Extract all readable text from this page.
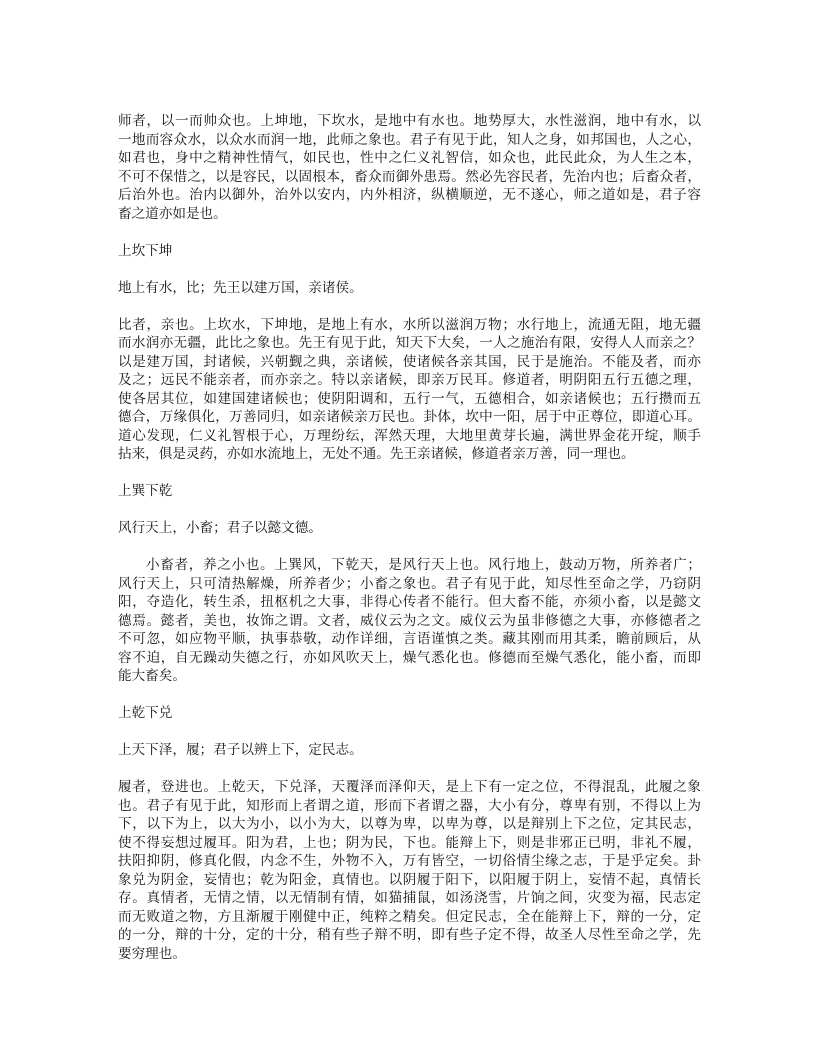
师者，以一而帅众也。上坤地，下坎水，是地中有水也。地势厚大，水性滋润，地中有水，以
一地而容众水，以众水而润一地，此师之象也。君子有见于此，知人之身，如邦国也，人之心，
如君也，身中之精神性情气，如民也，性中之仁义礼智信，如众也，此民此众，为人生之本，
不可不保惜之，以是容民，以固根本，畜众而御外患焉。然必先容民者，先治内也；后畜众者，
后治外也。治内以御外，治外以安内，内外相济，纵横顺逆，无不遂心，师之道如是，君子容
畜之道亦如是也。
上坎下坤
地上有水，比；先王以建万国，亲诸侯。
比者，亲也。上坎水，下坤地，是地上有水，水所以滋润万物；水行地上，流通无阻，地无疆
而水润亦无疆，此比之象也。先王有见于此，知天下大矣，一人之施治有限，安得人人而亲之？
以是建万国，封诸候，兴朝觐之典，亲诸候，使诸候各亲其国，民于是施治。不能及者，而亦
及之；远民不能亲者，而亦亲之。特以亲诸候，即亲万民耳。修道者，明阴阳五行五德之理，
使各居其位，如建国建诸候也；使阴阳调和，五行一气，五德相合，如亲诸候也；五行攒而五
德合，万缘俱化，万善同归，如亲诸候亲万民也。卦体，坎中一阳，居于中正尊位，即道心耳。
道心发现，仁义礼智根于心，万理纷纭，浑然天理，大地里黄芽长遍，满世界金花开绽，顺手
拈来，俱是灵药，亦如水流地上，无处不通。先王亲诸候，修道者亲万善，同一理也。
上巽下乾
风行天上，小畜；君子以懿文德。
小畜者，养之小也。上巽风，下乾天，是风行天上也。风行地上，鼓动万物，所养者广；
风行天上，只可清热解燥，所养者少；小畜之象也。君子有见于此，知尽性至命之学，乃窃阴
阳，夺造化，转生杀，扭枢机之大事，非得心传者不能行。但大畜不能，亦须小畜，以是懿文
德焉。懿者，美也，妆饰之谓。文者，威仪云为之文。威仪云为虽非修德之大事，亦修德者之
不可忽，如应物平顺，执事恭敬，动作详细，言语谨慎之类。藏其刚而用其柔，瞻前顾后，从
容不迫，自无躁动失德之行，亦如风吹天上，燥气悉化也。修德而至燥气悉化，能小畜，而即
能大畜矣。
上乾下兑
上天下泽，履；君子以辨上下，定民志。
履者，登进也。上乾天，下兑泽，天覆泽而泽仰天，是上下有一定之位，不得混乱，此履之象
也。君子有见于此，知形而上者谓之道，形而下者谓之器，大小有分，尊卑有别，不得以上为
下，以下为上，以大为小，以小为大，以尊为卑，以卑为尊，以是辩别上下之位，定其民志，
使不得妄想过履耳。阳为君，上也；阴为民，下也。能辩上下，则是非邪正已明，非礼不履，
扶阳抑阴，修真化假，内念不生，外物不入，万有皆空，一切俗情尘缘之志，于是乎定矣。卦
象兑为阴金，妄情也；乾为阳金，真情也。以阴履于阳下，以阳履于阴上，妄情不起，真情长
存。真情者，无情之情，以无情制有情，如猫捕鼠，如汤浇雪，片饷之间，灾变为福，民志定
而无败道之物，方且渐履于刚健中正，纯粹之精矣。但定民志，全在能辩上下，辩的一分，定
的一分，辩的十分，定的十分，稍有些子辩不明，即有些子定不得，故圣人尽性至命之学，先
要穷理也。
